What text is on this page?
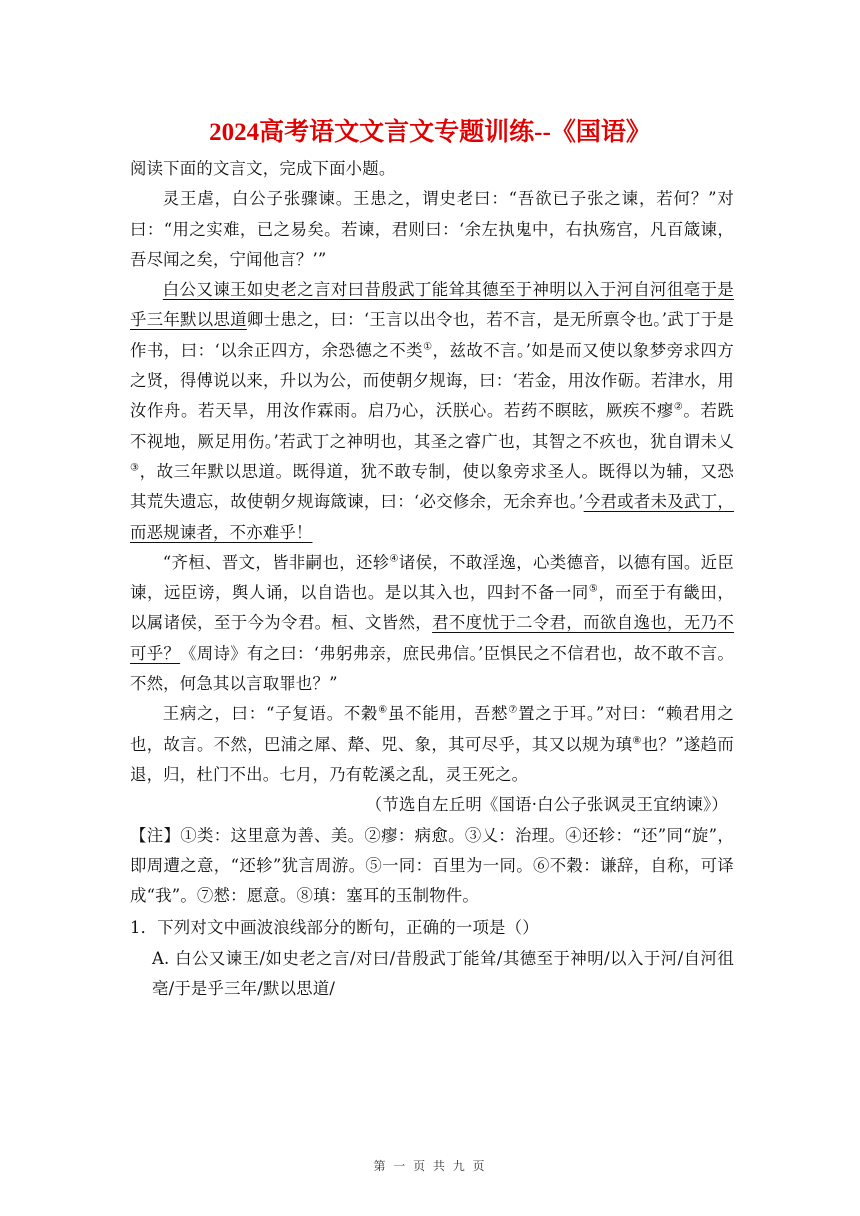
2024高考语文文言文专题训练--《国语》

阅读下面的文言文，完成下面小题。

灵王虐，白公子张骤谏。王患之，谓史老曰：“吾欲已子张之谏，若何？”对曰：“用之实难，已之易矣。若谏，君则曰：‘余左执鬼中，右执殇宫，凡百箴谏，吾尽闻之矣，宁闻他言？’”

白公又谏王如史老之言对曰昔殷武丁能耸其德至于神明以入于河自河徂亳于是乎三年默以思道卿士患之，曰：‘王言以出令也，若不言，是无所禀令也。’武丁于是作书，曰：‘以余正四方，余恐德之不类①，兹故不言。’如是而又使以象梦旁求四方之贤，得傅说以来，升以为公，而使朝夕规诲，曰：‘若金，用汝作砺。若津水，用汝作舟。若天旱，用汝作霖雨。启乃心，沃朕心。若药不瞑眩，厥疾不瘳②。若跣不视地，厥足用伤。’若武丁之神明也，其圣之睿广也，其智之不疚也，犹自谓未乂③，故三年默以思道。既得道，犹不敢专制，使以象旁求圣人。既得以为辅，又恐其荒失遗忘，故使朝夕规诲箴谏，曰：‘必交修余，无余弃也。’今君或者未及武丁，而恶规谏者，不亦难乎！

“齐桓、晋文，皆非嗣也，还轸④诸侯，不敢淫逸，心类德音，以德有国。近臣谏，远臣谤，舆人诵，以自诰也。是以其入也，四封不备一同⑤，而至于有畿田，以属诸侯，至于今为令君。桓、文皆然，君不度忧于二令君，而欲自逸也，无乃不可乎？《周诗》有之曰：‘弗躬弗亲，庶民弗信。’臣惧民之不信君也，故不敢不言。不然，何急其以言取罪也？”

王病之，曰：“子复语。不穀⑥虽不能用，吾憖⑦置之于耳。”对曰：“赖君用之也，故言。不然，巴浦之犀、犛、兕、象，其可尽乎，其又以规为瑱⑧也？”遂趋而退，归，杜门不出。七月，乃有乾溪之乱，灵王死之。

（节选自左丘明《国语·白公子张讽灵王宜纳谏》）

【注】①类：这里意为善、美。②瘳：病愈。③乂：治理。④还轸：“还”同“旋”，即周遭之意，“还轸”犹言周游。⑤一同：百里为一同。⑥不穀：谦辞，自称，可译成“我”。⑦憖：愿意。⑧瑱：塞耳的玉制物件。

1．下列对文中画波浪线部分的断句，正确的一项是（）

A. 白公又谏王/如史老之言/对曰/昔殷武丁能耸/其德至于神明/以入于河/自河徂亳/于是乎三年/默以思道/

第 一 页 共 九 页
